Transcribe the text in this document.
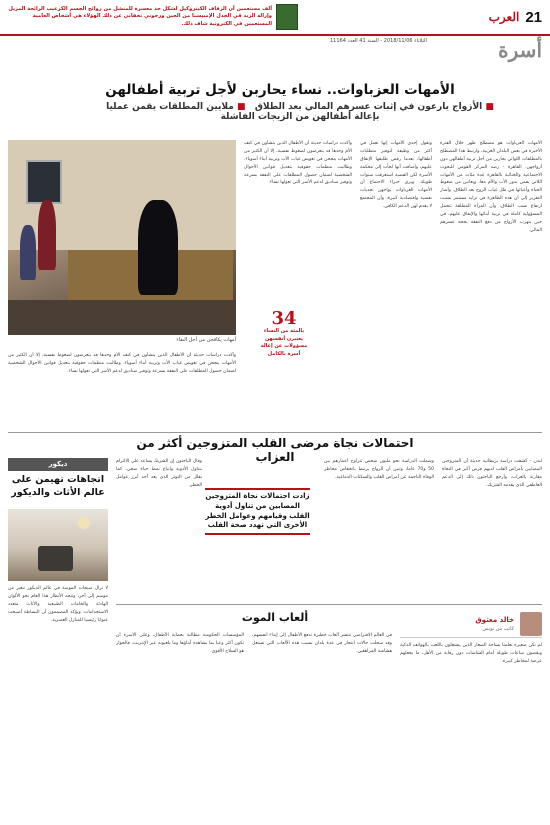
21
العرب
ألف مستعمين آن الزفاف الكيتروكيل لشكل حد معسرة للمنشل من زوائح الجسم الكرعيب الرائحة المزيل وإزالة الزبد في الجدل الإمبيسنا من الحين ورجوني تخفاني عن ذلك الهؤلاء هي أشخاص العامية المستعمين في الكترونية شاف ذلك.
أسرة
الثلاثاء 2018/11/06 - السنة 41 العدد 11164
الأمهات العزباوات.. نساء يحاربن لأجل تربية أطفالهن
■ الأزواج يارعون في إثبات عسرهم المالي بعد الطلاق   ■ ملايين المطلقات يقمن عمليا بإعالة أطفالهن من الزيجات الفاشلة
أمهات يكافحن من أجل البقاء

الأمهات العزباوات هو مصطلح ظهر خلال الفترة الأخيرة في بعض البلدان العربية، وارتبط هذا المصطلح بالمطلقات اللواتي يحاربن من أجل تربية أطفالهن دون أزواجهن. القاهرة - رصد المركز القومي للبحوث الاجتماعية والجنائية بالقاهرة عدة مئات من الأمهات اللاتي يقمن بدور الأب والأم معا، ويعانين من ضغوط الحياة وأعبائها في ظل غياب الزوج بعد الطلاق. وأشار التقرير إلى أن هذه الظاهرة في تزايد مستمر بسبب ارتفاع نسب الطلاق، وأن المرأة المطلقة تتحمل المسؤولية كاملة في تربية أبنائها والإنفاق عليهم، في حين يتهرب الأزواج من دفع النفقة بحجة عسرهم المالي.

وتقول إحدى الأمهات إنها تعمل في أكثر من وظيفة لتوفير متطلبات أطفالها، بعدما رفض طليقها الإنفاق عليهم، وأضافت أنها لجأت إلى محكمة الأسرة لكن القضية استغرقت سنوات طويلة. ويرى خبراء الاجتماع أن الأمهات العزباوات يواجهن تحديات نفسية واقتصادية كبيرة، وأن المجتمع لا يقدم لهن الدعم الكافي.

وأكدت دراسات حديثة أن الأطفال الذين ينشأون في كنف الأم وحدها قد يتعرضون لضغوط نفسية، إلا أن الكثير من الأمهات ينجحن في تعويض غياب الأب وتربية أبناء أسوياء. وطالبت منظمات حقوقية بتعديل قوانين الأحوال الشخصية لضمان حصول المطلقات على النفقة بسرعة وتوفير صناديق لدعم الأسر التي تعولها نساء.

34
بالمئة من النساء يعتبرن أنفسهن مسؤولات عن إعالة أسرة بالكامل

وأكدت دراسات حديثة أن الأطفال الذين ينشأون في كنف الأم وحدها قد يتعرضون لضغوط نفسية، إلا أن الكثير من الأمهات ينجحن في تعويض غياب الأب وتربية أبناء أسوياء. وطالبت منظمات حقوقية بتعديل قوانين الأحوال الشخصية لضمان حصول المطلقات على النفقة بسرعة وتوفير صناديق لدعم الأسر التي تعولها نساء.

احتمالات نجاة مرضى القلب المتزوجين أكثر من العزاب	لندن - كشفت دراسة بريطانية حديثة أن المتزوجين المصابين بأمراض القلب لديهم فرص أكبر في النجاة مقارنة بالعزاب، وأرجع الباحثون ذلك إلى الدعم العاطفي الذي يقدمه الشريك.

وشملت الدراسة نحو مليون شخص تتراوح أعمارهم بين 50 و70 عاما، وتبين أن الزواج يرتبط بانخفاض مخاطر الوفاة الناجمة عن أمراض القلب والسكتات الدماغية.

زادت احتمالات نجاة المتزوجين المصابين من تناول أدوية القلب وقيامهم وعوامل الخطر الأخرى التي تهدد صحة القلب

وقال الباحثون إن الشريك يساعد على الالتزام بتناول الأدوية واتباع نمط حياة صحي، كما يقلل من التوتر الذي يعد أحد أبرز عوامل الخطر.

ديكور
اتجاهات تهيمن على عالم الأثاث والديكور

لا تزال صيحات الموضة في عالم الديكور تتغير من موسم إلى آخر، وتتجه الأنظار هذا العام نحو الألوان الهادئة والخامات الطبيعية والأثاث متعدد الاستخدامات. ويؤكد المصممون أن البساطة أصبحت عنوانا رئيسيا للمنازل العصرية.	ألعاب الموت	خالد معتوق
كاتب من تونس

لم تكن صغيرة تعلمنا بساحة الصغار الذين ينشغلون باللعب بالهواتف الذكية ويقضون ساعات طويلة أمام الشاشات دون رقابة من الأهل، ما يجعلهم عرضة لمخاطر كبيرة.

في العالم الافتراضي تنتشر ألعاب خطيرة تدفع الأطفال إلى إيذاء أنفسهم، وقد سجلت حالات انتحار في عدة بلدان بسبب هذه الألعاب التي تستغل هشاشة المراهقين.

المؤسسات الحكومية مطالبة بحماية الأطفال، وعلى الأسرة أن تكون أكثر وعيا بما يشاهده أبناؤها وما يلعبونه عبر الإنترنت، فالحوار هو السلاح الأقوى.
